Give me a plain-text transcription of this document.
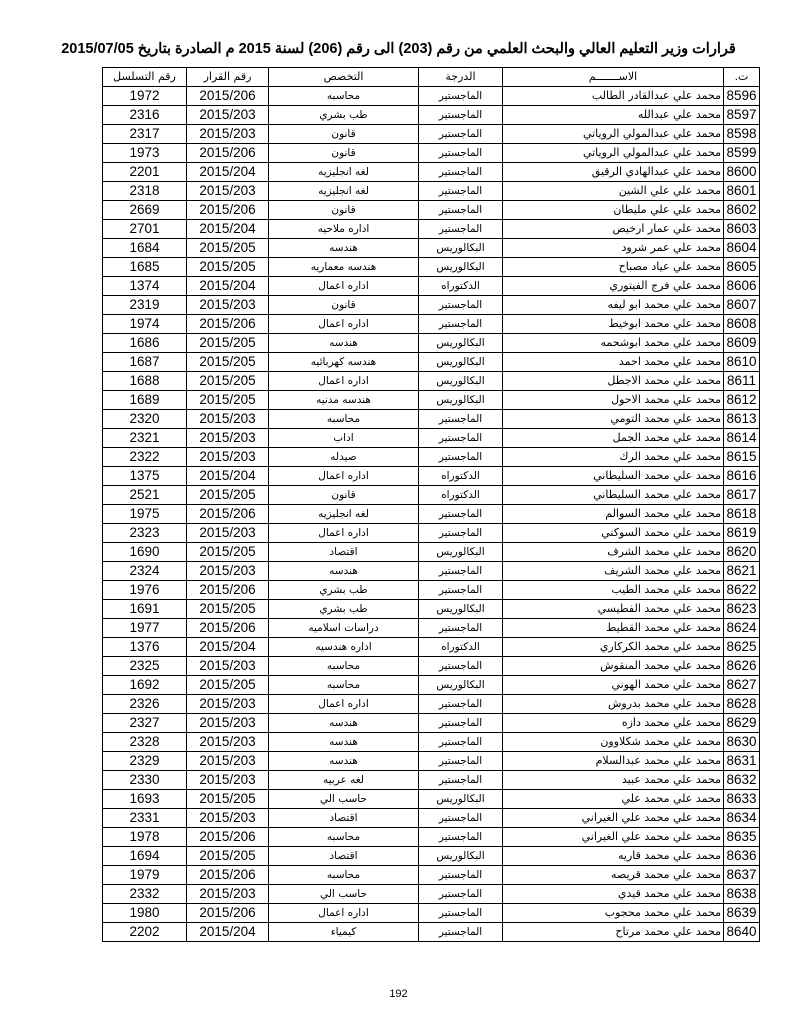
قرارات وزير التعليم العالي والبحث العلمي من رقم (203) الى رقم (206) لسنة 2015 م الصادرة بتاريخ 2015/07/05
ت.	الاســـــــم	الدرجة	التخصص	رقم القرار	رقم التسلسل
8596	محمد علي عبدالقادر الطالب	الماجستير	محاسبه	2015/206	1972
8597	محمد علي عبدالله	الماجستير	طب بشري	2015/203	2316
8598	محمد علي عبدالمولي الروياتي	الماجستير	قانون	2015/203	2317
8599	محمد علي عبدالمولي الروياتي	الماجستير	قانون	2015/206	1973
8600	محمد علي عبدالهادي الرقيق	الماجستير	لغه انجليزيه	2015/204	2201
8601	محمد علي علي الشين	الماجستير	لغه انجليزيه	2015/203	2318
8602	محمد علي علي مليطان	الماجستير	قانون	2015/206	2669
8603	محمد علي عمار ارخيص	الماجستير	اداره ملاحيه	2015/204	2701
8604	محمد علي عمر شرود	البكالوريس	هندسه	2015/205	1684
8605	محمد علي عياد مصباح	البكالوريس	هندسه معماريه	2015/205	1685
8606	محمد علي فرج الفيتوري	الدكتوراه	اداره اعمال	2015/204	1374
8607	محمد علي محمد ابو ليفه	الماجستير	قانون	2015/203	2319
8608	محمد علي محمد ابوخيط	الماجستير	اداره اعمال	2015/206	1974
8609	محمد علي محمد ابوشحمه	البكالوريس	هندسه	2015/205	1686
8610	محمد علي محمد احمد	البكالوريس	هندسه كهربائيه	2015/205	1687
8611	محمد علي محمد الاجطل	البكالوريس	اداره اعمال	2015/205	1688
8612	محمد علي محمد الاحول	البكالوريس	هندسه مدنيه	2015/205	1689
8613	محمد علي محمد التومي	الماجستير	محاسبه	2015/203	2320
8614	محمد علي محمد الجمل	الماجستير	اداب	2015/203	2321
8615	محمد علي محمد الرك	الماجستير	صيدله	2015/203	2322
8616	محمد علي محمد السليطاني	الدكتوراه	اداره اعمال	2015/204	1375
8617	محمد علي محمد السليطاني	الدكتوراه	قانون	2015/205	2521
8618	محمد علي محمد السوالم	الماجستير	لغه انجليزيه	2015/206	1975
8619	محمد علي محمد السوكني	الماجستير	اداره اعمال	2015/203	2323
8620	محمد علي محمد الشرف	البكالوريس	اقتصاد	2015/205	1690
8621	محمد علي محمد الشريف	الماجستير	هندسه	2015/203	2324
8622	محمد علي محمد الطيب	الماجستير	طب بشري	2015/206	1976
8623	محمد علي محمد الفطيسي	البكالوريس	طب بشري	2015/205	1691
8624	محمد علي محمد القطيط	الماجستير	دراسات اسلاميه	2015/206	1977
8625	محمد علي محمد الكركاري	الدكتوراه	اداره هندسيه	2015/204	1376
8626	محمد علي محمد المنقوش	الماجستير	محاسبه	2015/203	2325
8627	محمد علي محمد الهوني	البكالوريس	محاسبه	2015/205	1692
8628	محمد علي محمد بدروش	الماجستير	اداره اعمال	2015/203	2326
8629	محمد علي محمد دازه	الماجستير	هندسه	2015/203	2327
8630	محمد علي محمد شكلاوون	الماجستير	هندسه	2015/203	2328
8631	محمد علي محمد عبدالسلام	الماجستير	هندسه	2015/203	2329
8632	محمد علي محمد عبيد	الماجستير	لغه عربيه	2015/203	2330
8633	محمد علي محمد علي	البكالوريس	حاسب الي	2015/205	1693
8634	محمد علي محمد علي الغيراني	الماجستير	اقتصاد	2015/203	2331
8635	محمد علي محمد علي الغيراني	الماجستير	محاسبه	2015/206	1978
8636	محمد علي محمد قاريه	البكالوريس	اقتصاد	2015/205	1694
8637	محمد علي محمد قريصه	الماجستير	محاسبه	2015/206	1979
8638	محمد علي محمد قيدي	الماجستير	حاسب الي	2015/203	2332
8639	محمد علي محمد محجوب	الماجستير	اداره اعمال	2015/206	1980
8640	محمد علي محمد مرتاح	الماجستير	كيمياء	2015/204	2202
192
